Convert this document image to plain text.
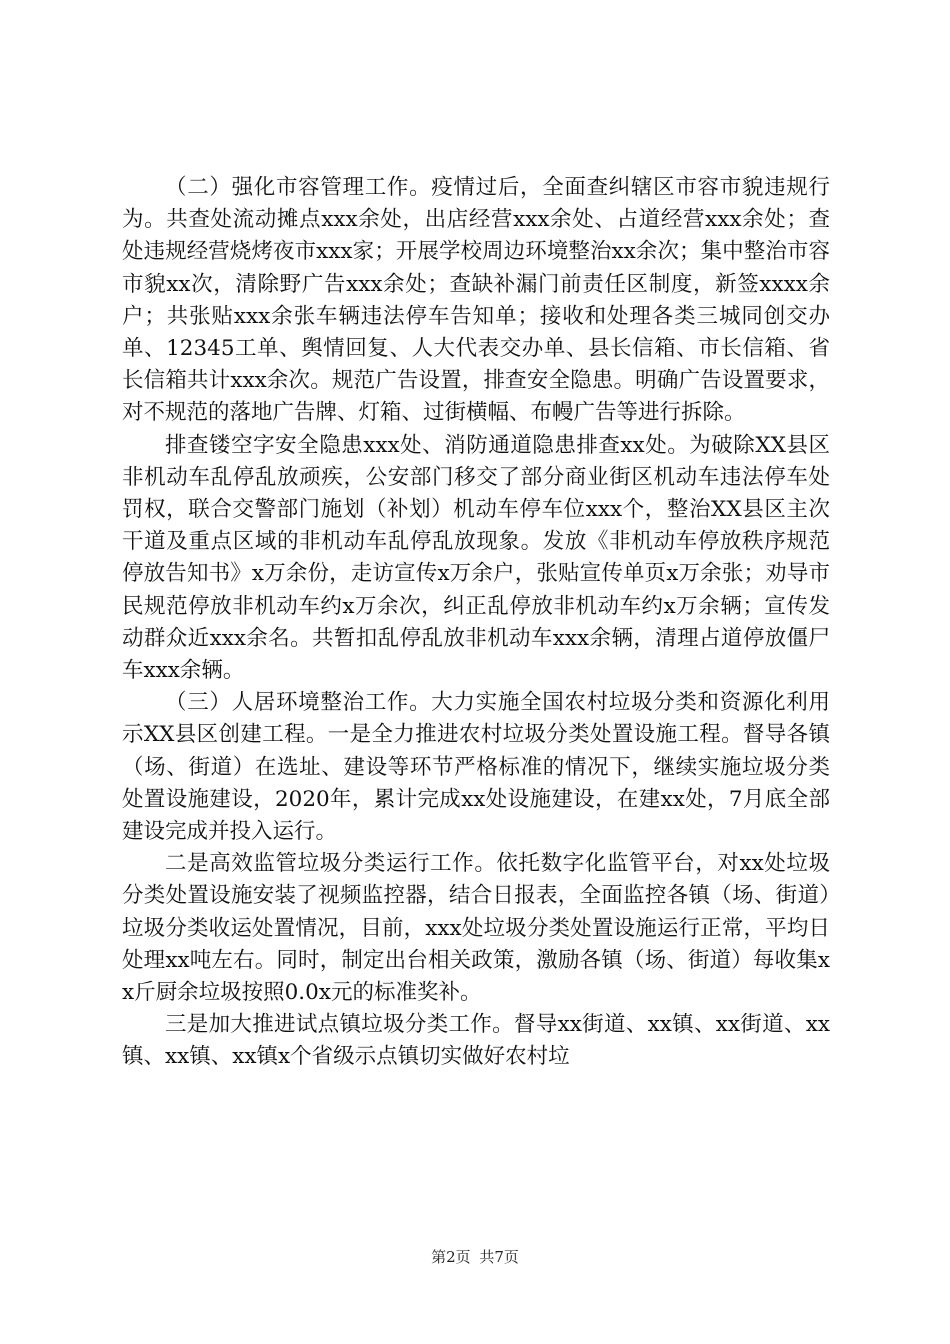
（二）强化市容管理工作。疫情过后，全面查纠辖区市容市貌违规行为。共查处流动摊点xxx余处，出店经营xxx余处、占道经营xxx余处；查处违规经营烧烤夜市xxx家；开展学校周边环境整治xx余次；集中整治市容市貌xx次，清除野广告xxx余处；查缺补漏门前责任区制度，新签xxxx余户；共张贴xxx余张车辆违法停车告知单；接收和处理各类三城同创交办单、12345工单、舆情回复、人大代表交办单、县长信箱、市长信箱、省长信箱共计xxx余次。规范广告设置，排查安全隐患。明确广告设置要求，对不规范的落地广告牌、灯箱、过街横幅、布幔广告等进行拆除。

排查镂空字安全隐患xxx处、消防通道隐患排查xx处。为破除XX县区非机动车乱停乱放顽疾，公安部门移交了部分商业街区机动车违法停车处罚权，联合交警部门施划（补划）机动车停车位xxx个，整治XX县区主次干道及重点区域的非机动车乱停乱放现象。发放《非机动车停放秩序规范停放告知书》x万余份，走访宣传x万余户，张贴宣传单页x万余张；劝导市民规范停放非机动车约x万余次，纠正乱停放非机动车约x万余辆；宣传发动群众近xxx余名。共暂扣乱停乱放非机动车xxx余辆，清理占道停放僵尸车xxx余辆。

（三）人居环境整治工作。大力实施全国农村垃圾分类和资源化利用示XX县区创建工程。一是全力推进农村垃圾分类处置设施工程。督导各镇（场、街道）在选址、建设等环节严格标准的情况下，继续实施垃圾分类处置设施建设，2020年，累计完成xx处设施建设，在建xx处，7月底全部建设完成并投入运行。

二是高效监管垃圾分类运行工作。依托数字化监管平台，对xx处垃圾分类处置设施安装了视频监控器，结合日报表，全面监控各镇（场、街道）垃圾分类收运处置情况，目前，xxx处垃圾分类处置设施运行正常，平均日处理xx吨左右。同时，制定出台相关政策，激励各镇（场、街道）每收集xx斤厨余垃圾按照0.0x元的标准奖补。

三是加大推进试点镇垃圾分类工作。督导xx街道、xx镇、xx街道、xx镇、xx镇、xx镇x个省级示点镇切实做好农村垃

第2页 共7页
